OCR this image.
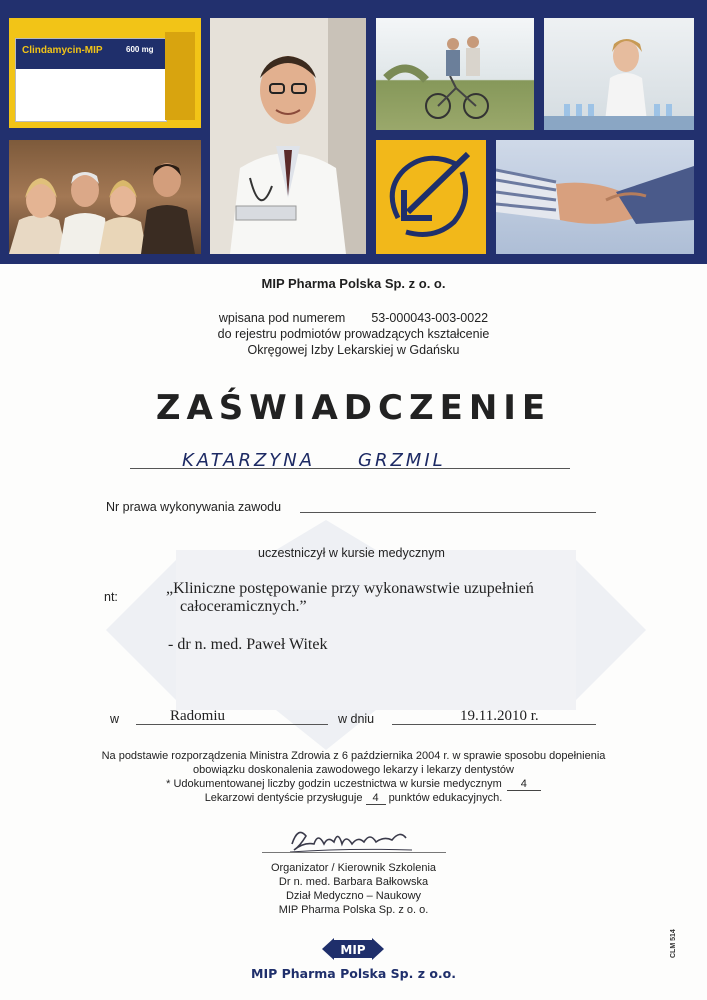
Clindamycin-MIP	600 mg
MIP Pharma Polska Sp. z o. o.
wpisana pod numerem 53-000043-003-0022
do rejestru podmiotów prowadzących kształcenie
Okręgowej Izby Lekarskiej w Gdańsku
ZAŚWIADCZENIE
KATARZYNA GRZMIL
Nr prawa wykonywania zawodu
uczestniczył w kursie medycznym
nt:	„Kliniczne postępowanie przy wykonawstwie uzupełnień
całoceramicznych.”
- dr n. med. Paweł Witek
w	Radomiu	w dniu	19.11.2010 r.
Na podstawie rozporządzenia Ministra Zdrowia z 6 października 2004 r. w sprawie sposobu dopełnienia
obowiązku doskonalenia zawodowego lekarzy i lekarzy dentystów
* Udokumentowanej liczby godzin uczestnictwa w kursie medycznym 4
Lekarzowi dentyście przysługuje 4 punktów edukacyjnych.
Organizator / Kierownik Szkolenia
Dr n. med. Barbara Bałkowska
Dział Medyczno – Naukowy
MIP Pharma Polska Sp. z o. o.
MIP
MIP Pharma Polska Sp. z o.o.
CLM 514
